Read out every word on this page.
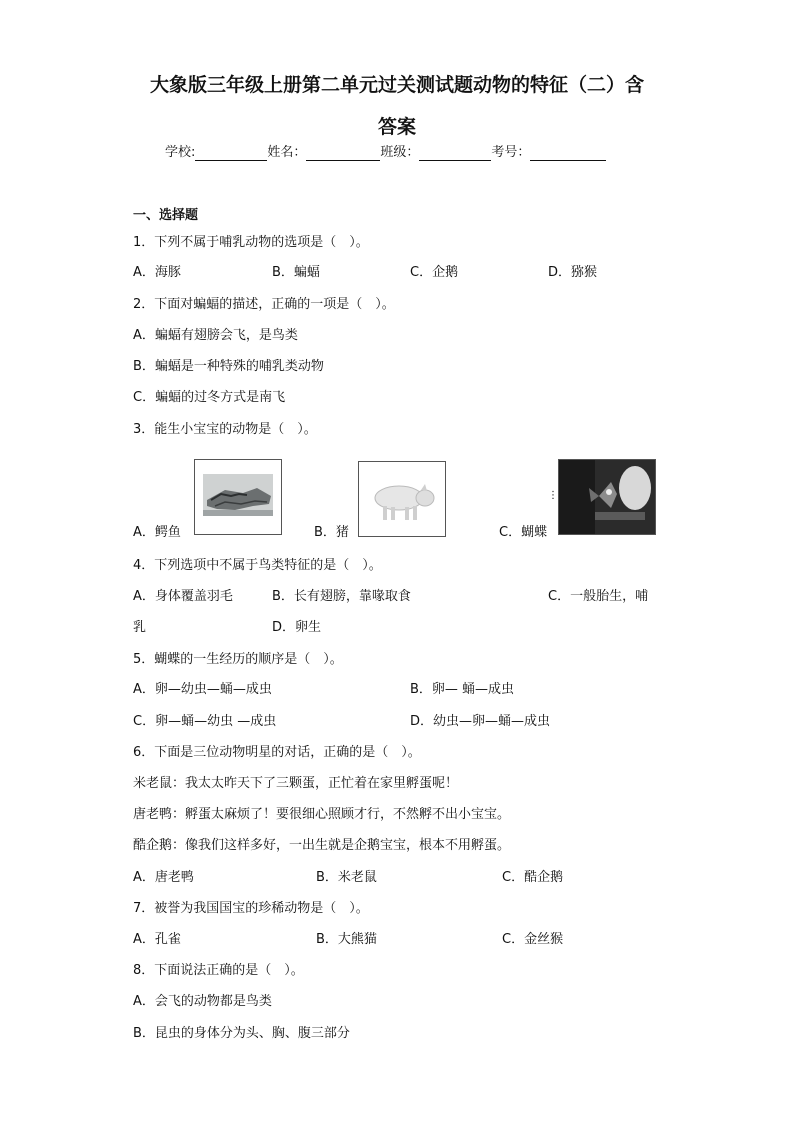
大象版三年级上册第二单元过关测试题动物的特征（二）含
答案
学校:	姓名：	班级：	考号：
一、选择题
1．下列不属于哺乳动物的选项是（　）。
A．海豚	B．蝙蝠	C．企鹅	D．猕猴
2．下面对蝙蝠的描述，正确的一项是（　）。
A．蝙蝠有翅膀会飞，是鸟类
B．蝙蝠是一种特殊的哺乳类动物
C．蝙蝠的过冬方式是南飞
3．能生小宝宝的动物是（　）。
⋮
A．鳄鱼	B．猪	C．蝴蝶
4．下列选项中不属于鸟类特征的是（　）。
A．身体覆盖羽毛	B．长有翅膀，靠喙取食	C．一般胎生，哺
乳	D．卵生
5．蝴蝶的一生经历的顺序是（　）。
A．卵—幼虫—蛹—成虫	B．卵— 蛹—成虫
C．卵—蛹—幼虫 —成虫	D．幼虫—卵—蛹—成虫
6．下面是三位动物明星的对话，正确的是（　）。
米老鼠：我太太昨天下了三颗蛋，正忙着在家里孵蛋呢！
唐老鸭：孵蛋太麻烦了！要很细心照顾才行，不然孵不出小宝宝。
酷企鹅：像我们这样多好，一出生就是企鹅宝宝，根本不用孵蛋。
A．唐老鸭	B．米老鼠	C．酷企鹅
7．被誉为我国国宝的珍稀动物是（　）。
A．孔雀	B．大熊猫	C．金丝猴
8．下面说法正确的是（　）。
A．会飞的动物都是鸟类
B．昆虫的身体分为头、胸、腹三部分
